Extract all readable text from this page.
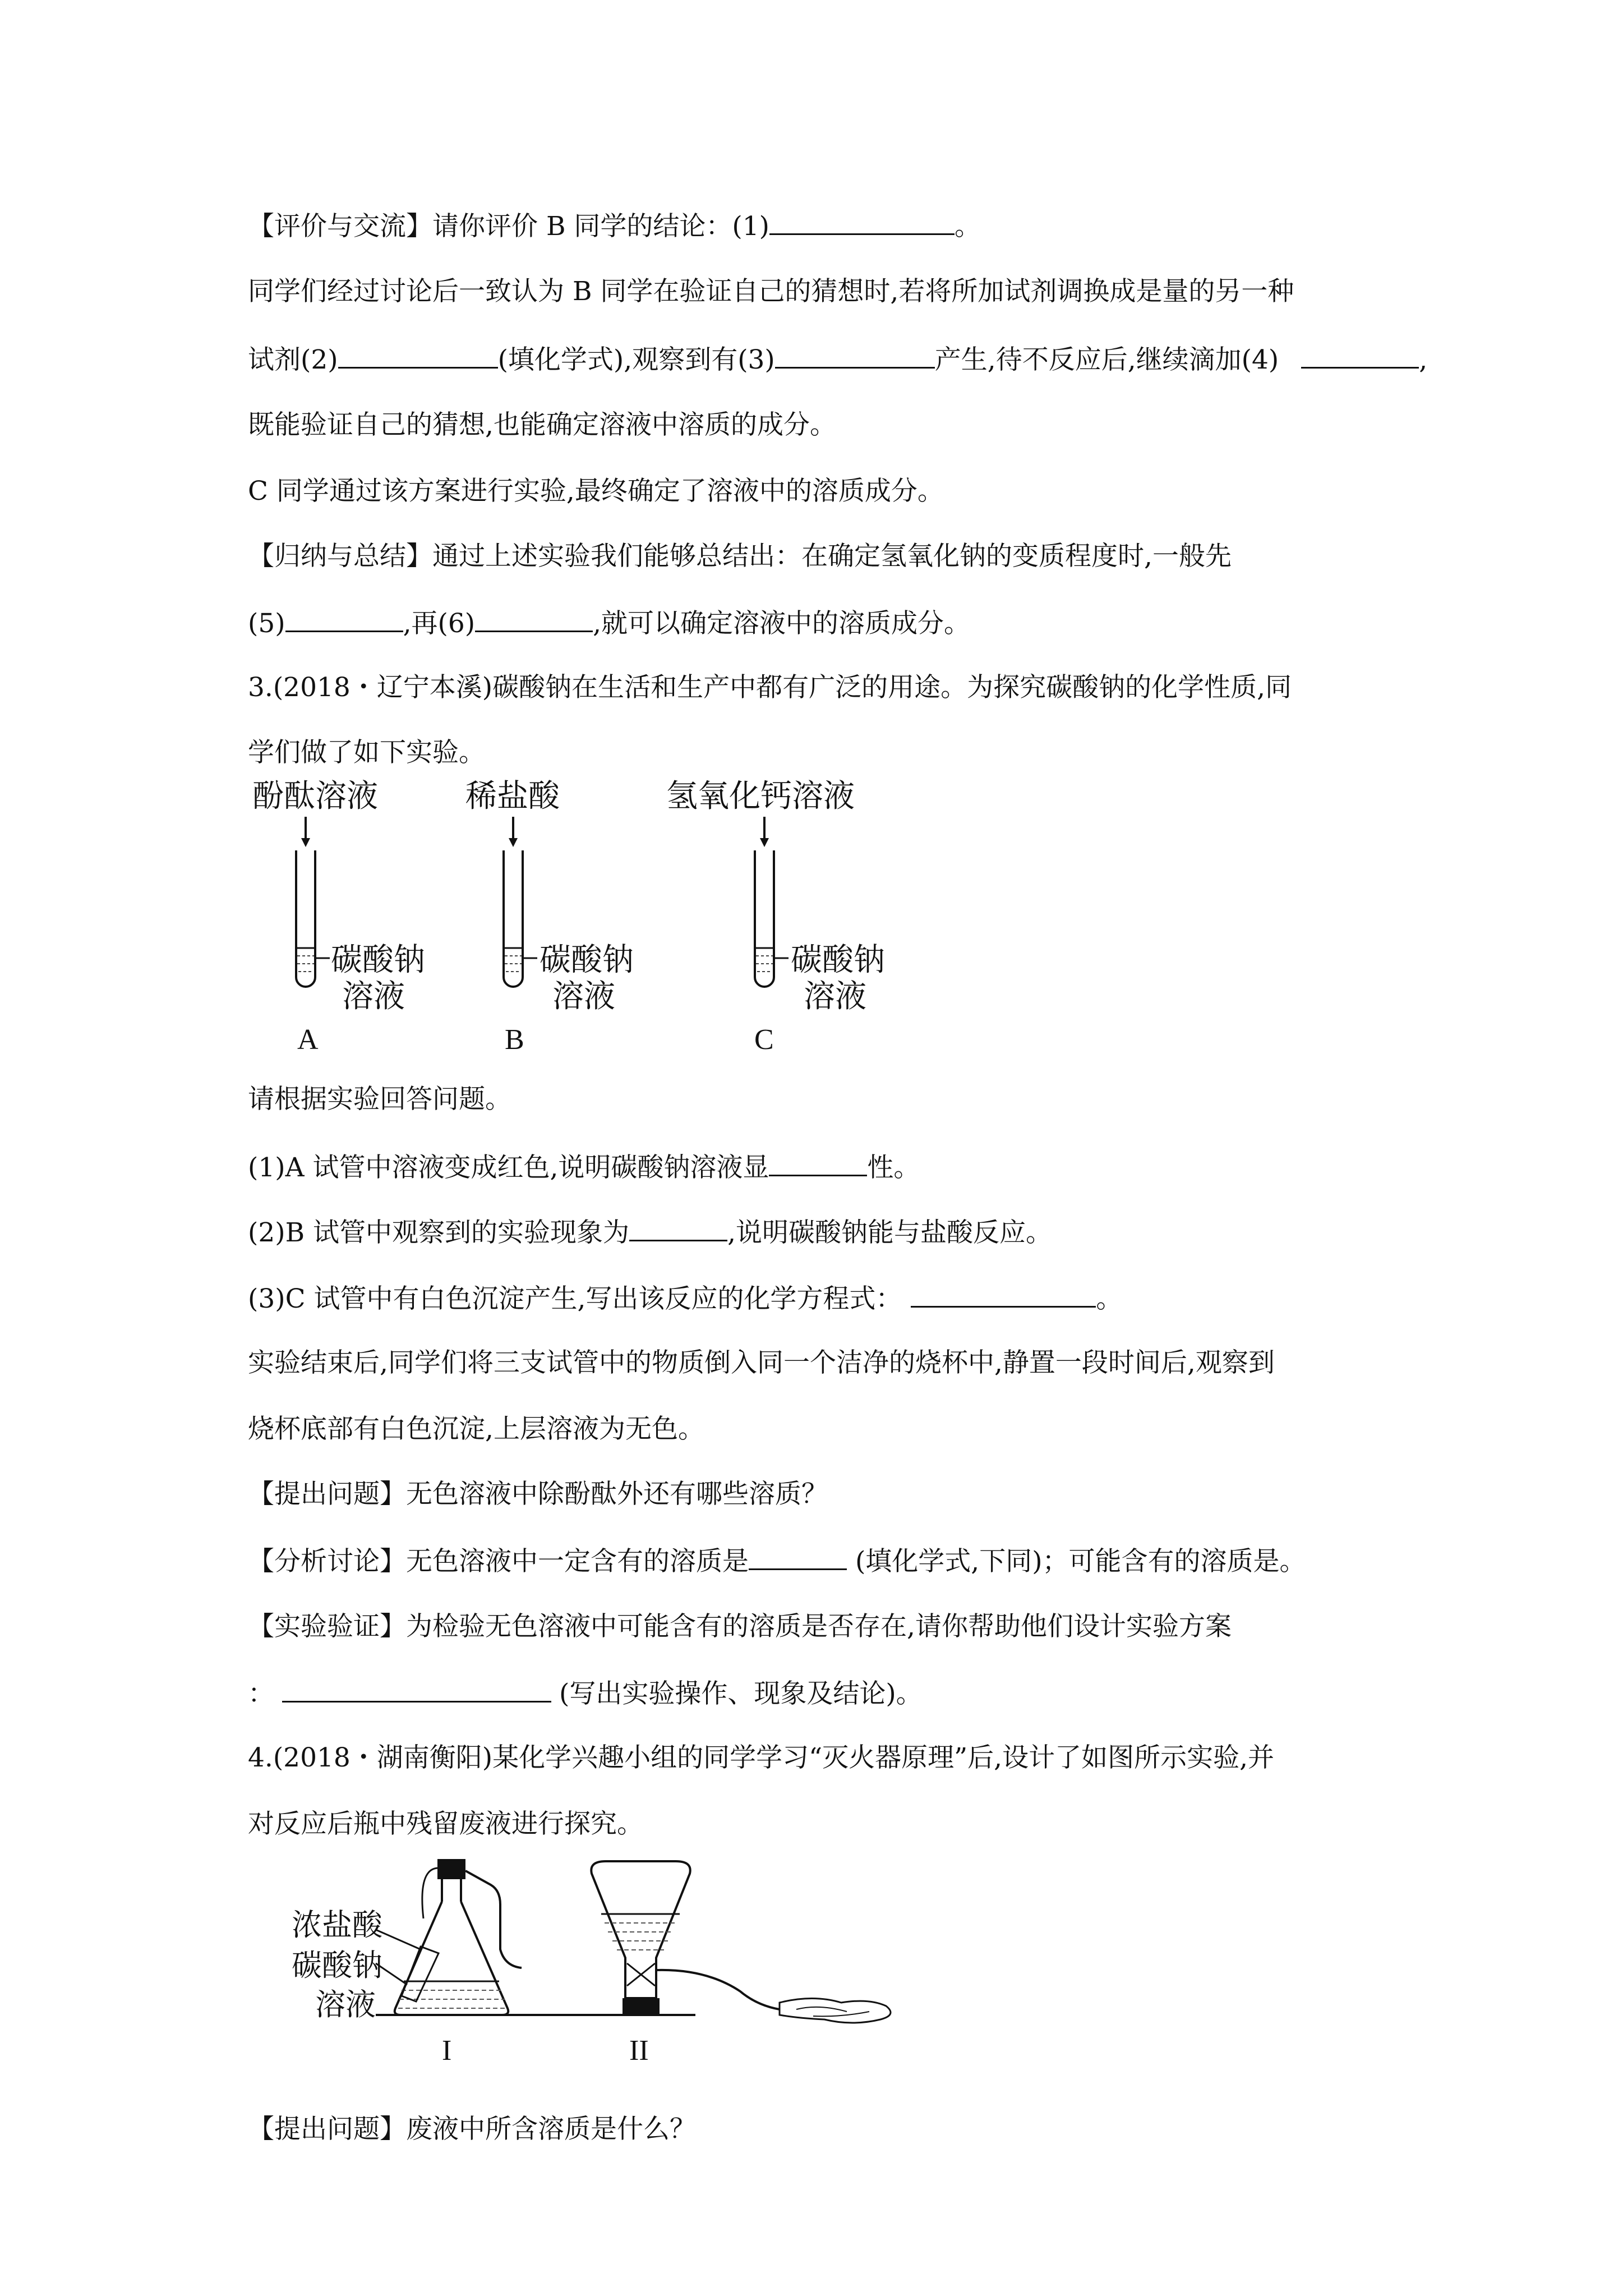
【评价与交流】请你评价 B 同学的结论：(1)	。
同学们经过讨论后一致认为 B 同学在验证自己的猜想时,若将所加试剂调换成是量的另一种
试剂(2)	(填化学式),观察到有(3)	产生,待不反应后,继续滴加(4)	,
既能验证自己的猜想,也能确定溶液中溶质的成分。
C 同学通过该方案进行实验,最终确定了溶液中的溶质成分。
【归纳与总结】通过上述实验我们能够总结出：在确定氢氧化钠的变质程度时,一般先
(5)	,再(6)	,就可以确定溶液中的溶质成分。
3.(2018・辽宁本溪)碳酸钠在生活和生产中都有广泛的用途。为探究碳酸钠的化学性质,同
学们做了如下实验。
酚酞溶液
碳酸钠
溶液
A
稀盐酸
碳酸钠
溶液
B
氢氧化钙溶液
碳酸钠
溶液
C
请根据实验回答问题。
(1)A 试管中溶液变成红色,说明碳酸钠溶液显	性。
(2)B 试管中观察到的实验现象为	,说明碳酸钠能与盐酸反应。
(3)C 试管中有白色沉淀产生,写出该反应的化学方程式：	。
实验结束后,同学们将三支试管中的物质倒入同一个洁净的烧杯中,静置一段时间后,观察到
烧杯底部有白色沉淀,上层溶液为无色。
【提出问题】无色溶液中除酚酞外还有哪些溶质？
【分析讨论】无色溶液中一定含有的溶质是	(填化学式,下同)；可能含有的溶质是。
【实验验证】为检验无色溶液中可能含有的溶质是否存在,请你帮助他们设计实验方案
：	(写出实验操作、现象及结论)。
4.(2018・湖南衡阳)某化学兴趣小组的同学学习“灭火器原理”后,设计了如图所示实验,并
对反应后瓶中残留废液进行探究。
浓盐酸
碳酸钠
溶液
I	II
【提出问题】废液中所含溶质是什么？
